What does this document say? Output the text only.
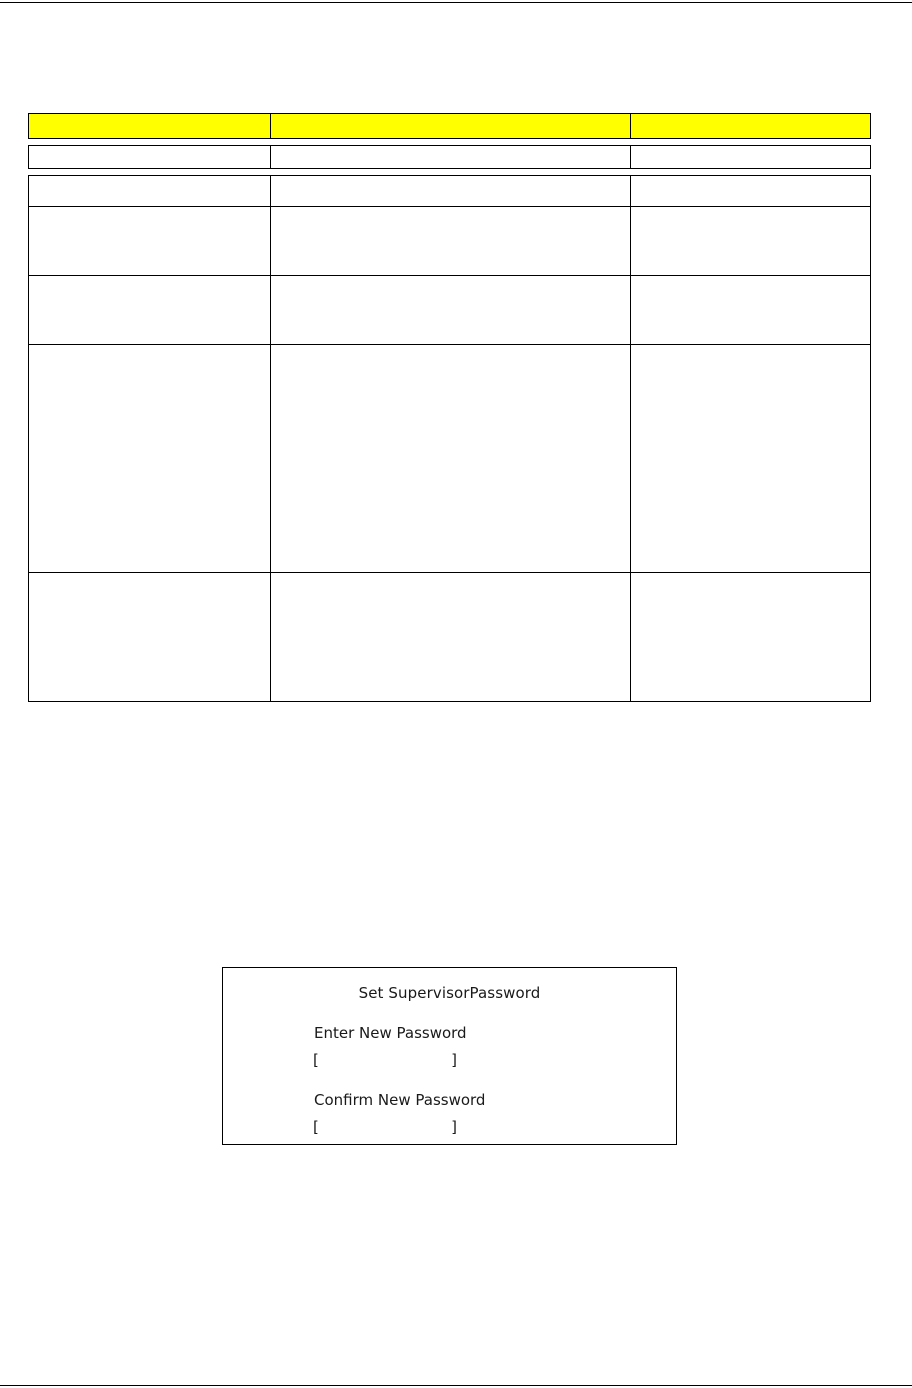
Set SupervisorPassword
Enter New Password
[	]
Confirm New Password
[	]
